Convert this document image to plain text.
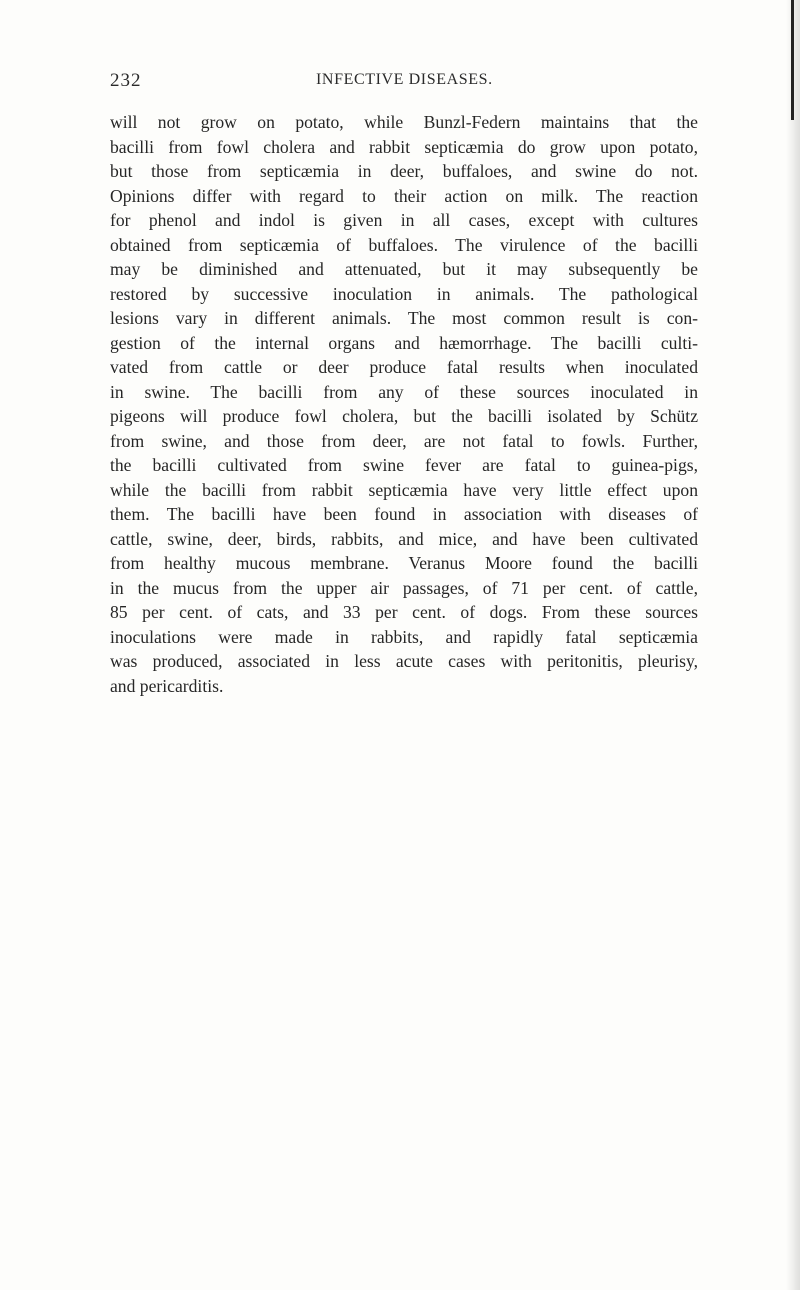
232	INFECTIVE DISEASES.
will not grow on potato, while Bunzl-Federn maintains that the
bacilli from fowl cholera and rabbit septicæmia do grow upon potato,
but those from septicæmia in deer, buffaloes, and swine do not.
Opinions differ with regard to their action on milk. The reaction
for phenol and indol is given in all cases, except with cultures
obtained from septicæmia of buffaloes. The virulence of the bacilli
may be diminished and attenuated, but it may subsequently be
restored by successive inoculation in animals. The pathological
lesions vary in different animals. The most common result is con-
gestion of the internal organs and hæmorrhage. The bacilli culti-
vated from cattle or deer produce fatal results when inoculated
in swine. The bacilli from any of these sources inoculated in
pigeons will produce fowl cholera, but the bacilli isolated by Schütz
from swine, and those from deer, are not fatal to fowls. Further,
the bacilli cultivated from swine fever are fatal to guinea-pigs,
while the bacilli from rabbit septicæmia have very little effect upon
them. The bacilli have been found in association with diseases of
cattle, swine, deer, birds, rabbits, and mice, and have been cultivated
from healthy mucous membrane. Veranus Moore found the bacilli
in the mucus from the upper air passages, of 71 per cent. of cattle,
85 per cent. of cats, and 33 per cent. of dogs. From these sources
inoculations were made in rabbits, and rapidly fatal septicæmia
was produced, associated in less acute cases with peritonitis, pleurisy,
and pericarditis.
